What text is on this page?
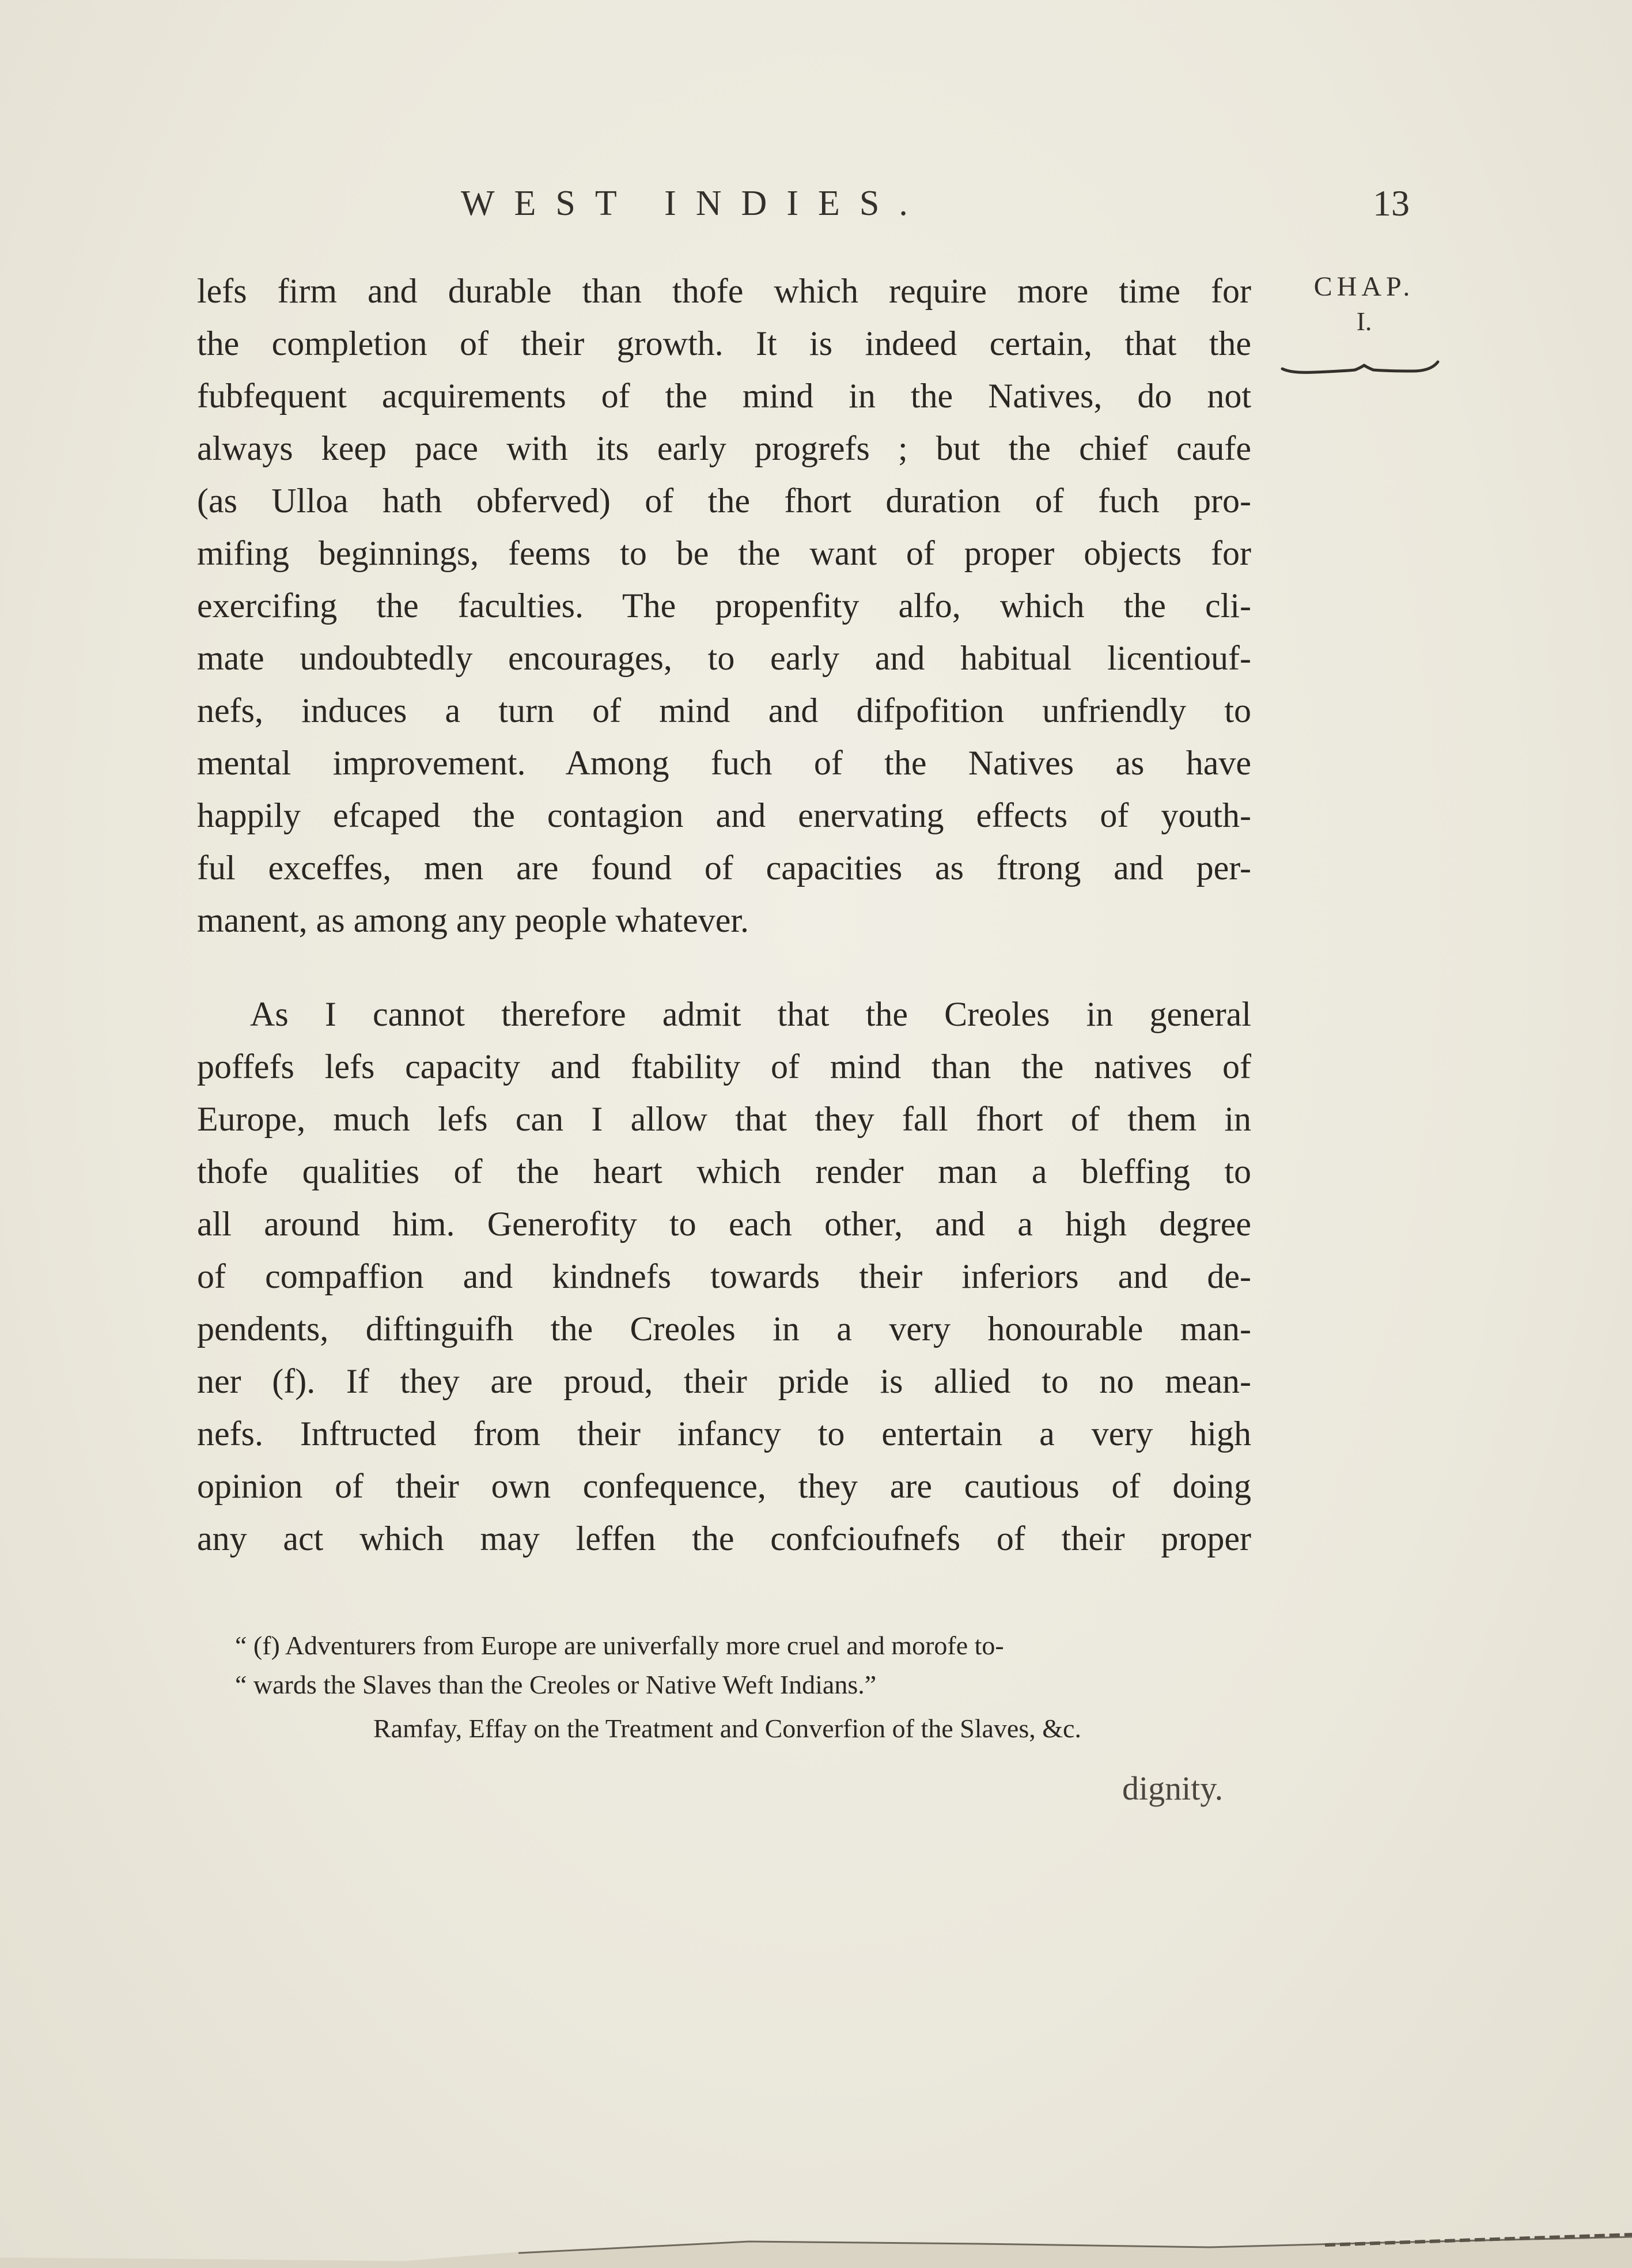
WEST INDIES.	13
CHAP.
I.
lefs firm and durable than thofe which require more time for
the completion of their growth. It is indeed certain, that the
fubfequent acquirements of the mind in the Natives, do not
always keep pace with its early progrefs ; but the chief caufe
(as Ulloa hath obferved) of the fhort duration of fuch pro-
mifing beginnings, feems to be the want of proper objects for
exercifing the faculties. The propenfity alfo, which the cli-
mate undoubtedly encourages, to early and habitual licentiouf-
nefs, induces a turn of mind and difpofition unfriendly to
mental improvement. Among fuch of the Natives as have
happily efcaped the contagion and enervating effects of youth-
ful exceffes, men are found of capacities as ftrong and per-
manent, as among any people whatever.
As I cannot therefore admit that the Creoles in general
poffefs lefs capacity and ftability of mind than the natives of
Europe, much lefs can I allow that they fall fhort of them in
thofe qualities of the heart which render man a bleffing to
all around him. Generofity to each other, and a high degree
of compaffion and kindnefs towards their inferiors and de-
pendents, diftinguifh the Creoles in a very honourable man-
ner (f). If they are proud, their pride is allied to no mean-
nefs. Inftructed from their infancy to entertain a very high
opinion of their own confequence, they are cautious of doing
any act which may leffen the confcioufnefs of their proper
“ (f) Adventurers from Europe are univerfally more cruel and morofe to-
“ wards the Slaves than the Creoles or Native Weft Indians.”
Ramfay, Effay on the Treatment and Converfion of the Slaves, &c.
dignity.
